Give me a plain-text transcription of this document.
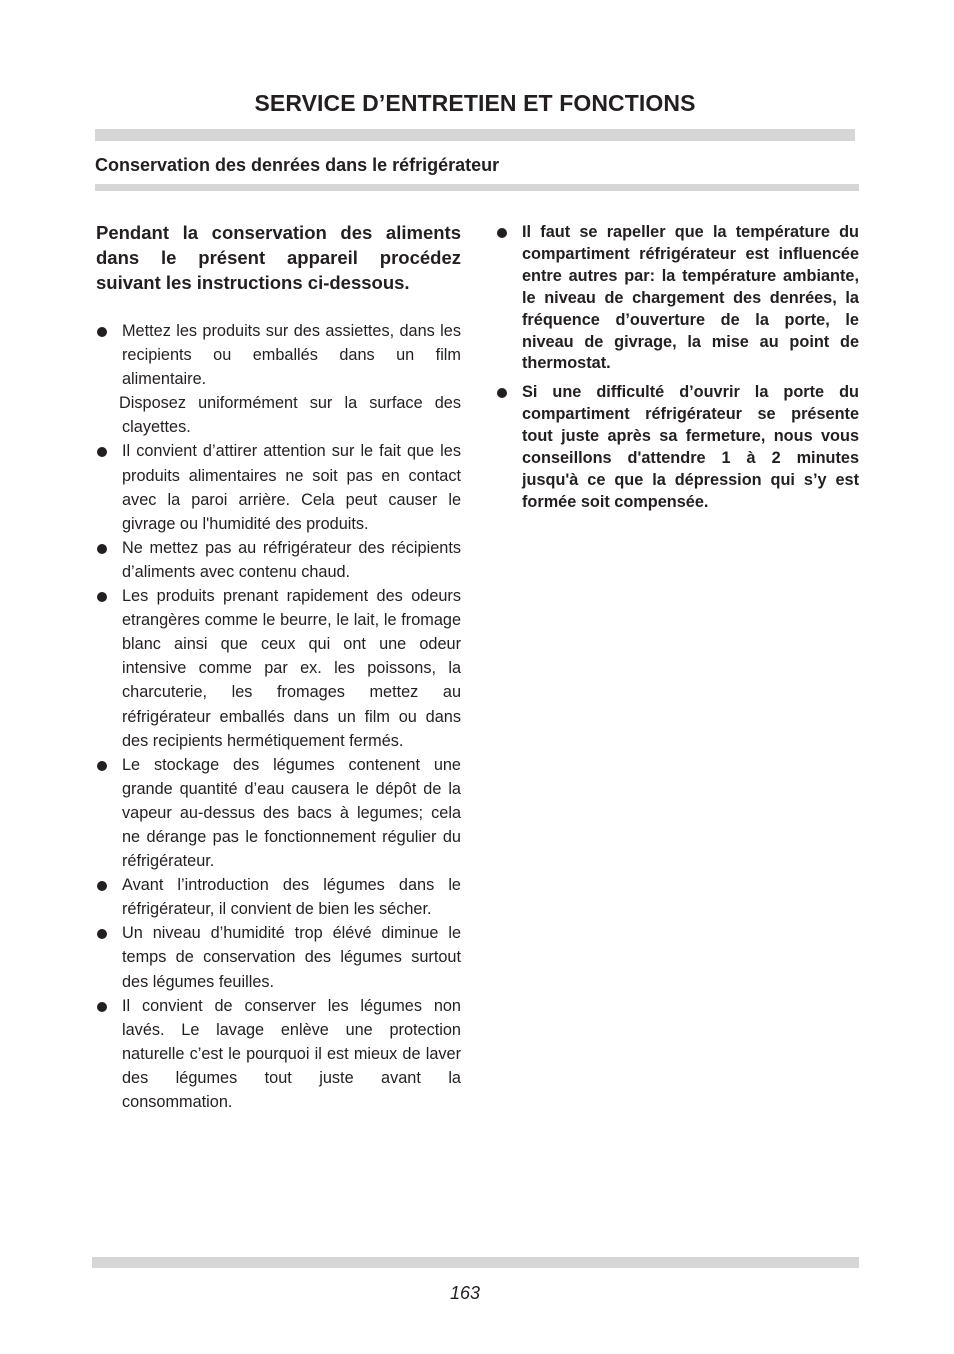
SERVICE D’ENTRETIEN ET FONCTIONS
Conservation des denrées dans le réfrigérateur

Pendant la conservation des aliments dans le présent appareil procédez suivant les instructions ci-dessous.

Mettez les produits sur des assiettes, dans les recipients ou emballés dans un film alimentaire.
Disposez uniformément sur la surface des clayettes.
Il convient d’attirer attention sur le fait que les produits alimentaires ne soit pas en contact avec la paroi arrière. Cela peut causer le givrage ou l'humidité des produits.
Ne mettez pas au réfrigérateur des récipients d’aliments avec contenu chaud.
Les produits prenant rapidement des odeurs etrangères comme le beurre, le lait, le fromage blanc ainsi que ceux qui ont une odeur intensive comme par ex. les poissons, la charcuterie, les fromages mettez au réfrigérateur emballés dans un film ou dans des recipients hermétiquement fermés.
Le stockage des légumes contenent une grande quantité d’eau causera le dépôt de la vapeur au-dessus des bacs à legumes; cela ne dérange pas le fonctionnement régulier du réfrigérateur.
Avant l’introduction des légumes dans le réfrigérateur, il convient de bien les sécher.
Un niveau d’humidité trop élévé diminue le temps de conservation des légumes surtout des légumes feuilles.
Il convient de conserver les légumes non lavés. Le lavage enlève une protection naturelle c’est le pourquoi il est mieux de laver des légumes tout juste avant la consommation.
Il faut se rapeller que la température du compartiment réfrigérateur est influencée entre autres par: la température ambiante, le niveau de chargement des denrées, la fréquence d’ouverture de la porte, le niveau de givrage, la mise au point de thermostat.
Si une difficulté d’ouvrir la porte du compartiment réfrigérateur se présente tout juste après sa fermeture, nous vous conseillons d'attendre 1 à 2 minutes jusqu'à ce que la dépression qui s’y est formée soit compensée.
163
